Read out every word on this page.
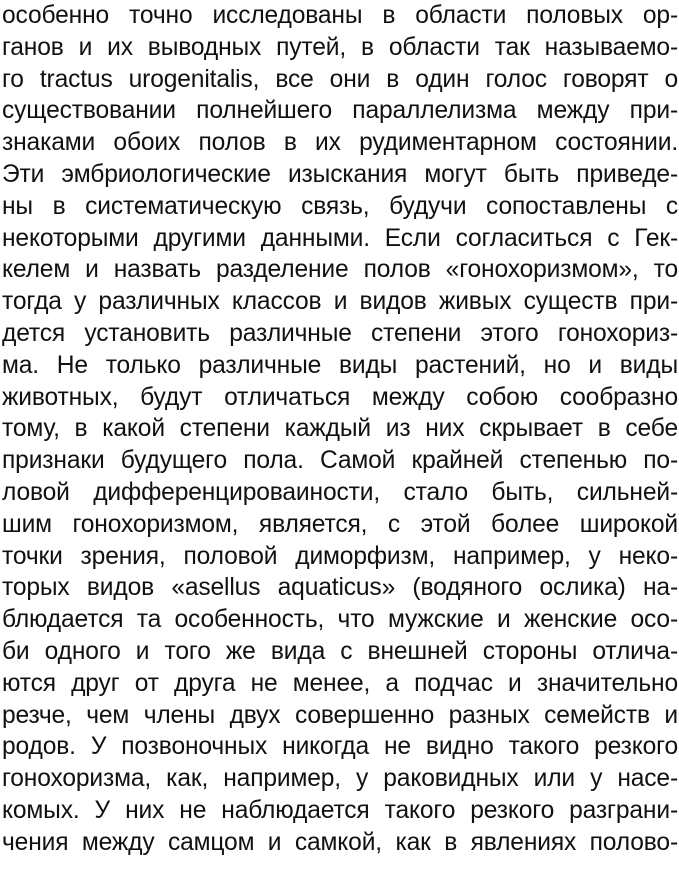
особенно точно исследованы в области половых ор-
ганов и их выводных путей, в области так называемо-
го tractus urogenitalis, все они в один голос говорят о
существовании полнейшего параллелизма между при-
знаками обоих полов в их рудиментарном состоянии.
Эти эмбриологические изыскания могут быть приведе-
ны в систематическую связь, будучи сопоставлены с
некоторыми другими данными. Если согласиться с Гек-
келем и назвать разделение полов «гонохоризмом», то
тогда у различных классов и видов живых существ при-
дется установить различные степени этого гонохориз-
ма. Не только различные виды растений, но и виды
животных, будут отличаться между собою сообразно
тому, в какой степени каждый из них скрывает в себе
признаки будущего пола. Самой крайней степенью по-
ловой дифференцироваиности, стало быть, сильней-
шим гонохоризмом, является, с этой более широкой
точки зрения, половой диморфизм, например, у неко-
торых видов «asellus aquaticus» (водяного ослика) на-
блюдается та особенность, что мужские и женские осо-
би одного и того же вида с внешней стороны отлича-
ются друг от друга не менее, а подчас и значительно
резче, чем члены двух совершенно разных семейств и
родов. У позвоночных никогда не видно такого резкого
гонохоризма, как, например, у раковидных или у насе-
комых. У них не наблюдается такого резкого разграни-
чения между самцом и самкой, как в явлениях полово-
